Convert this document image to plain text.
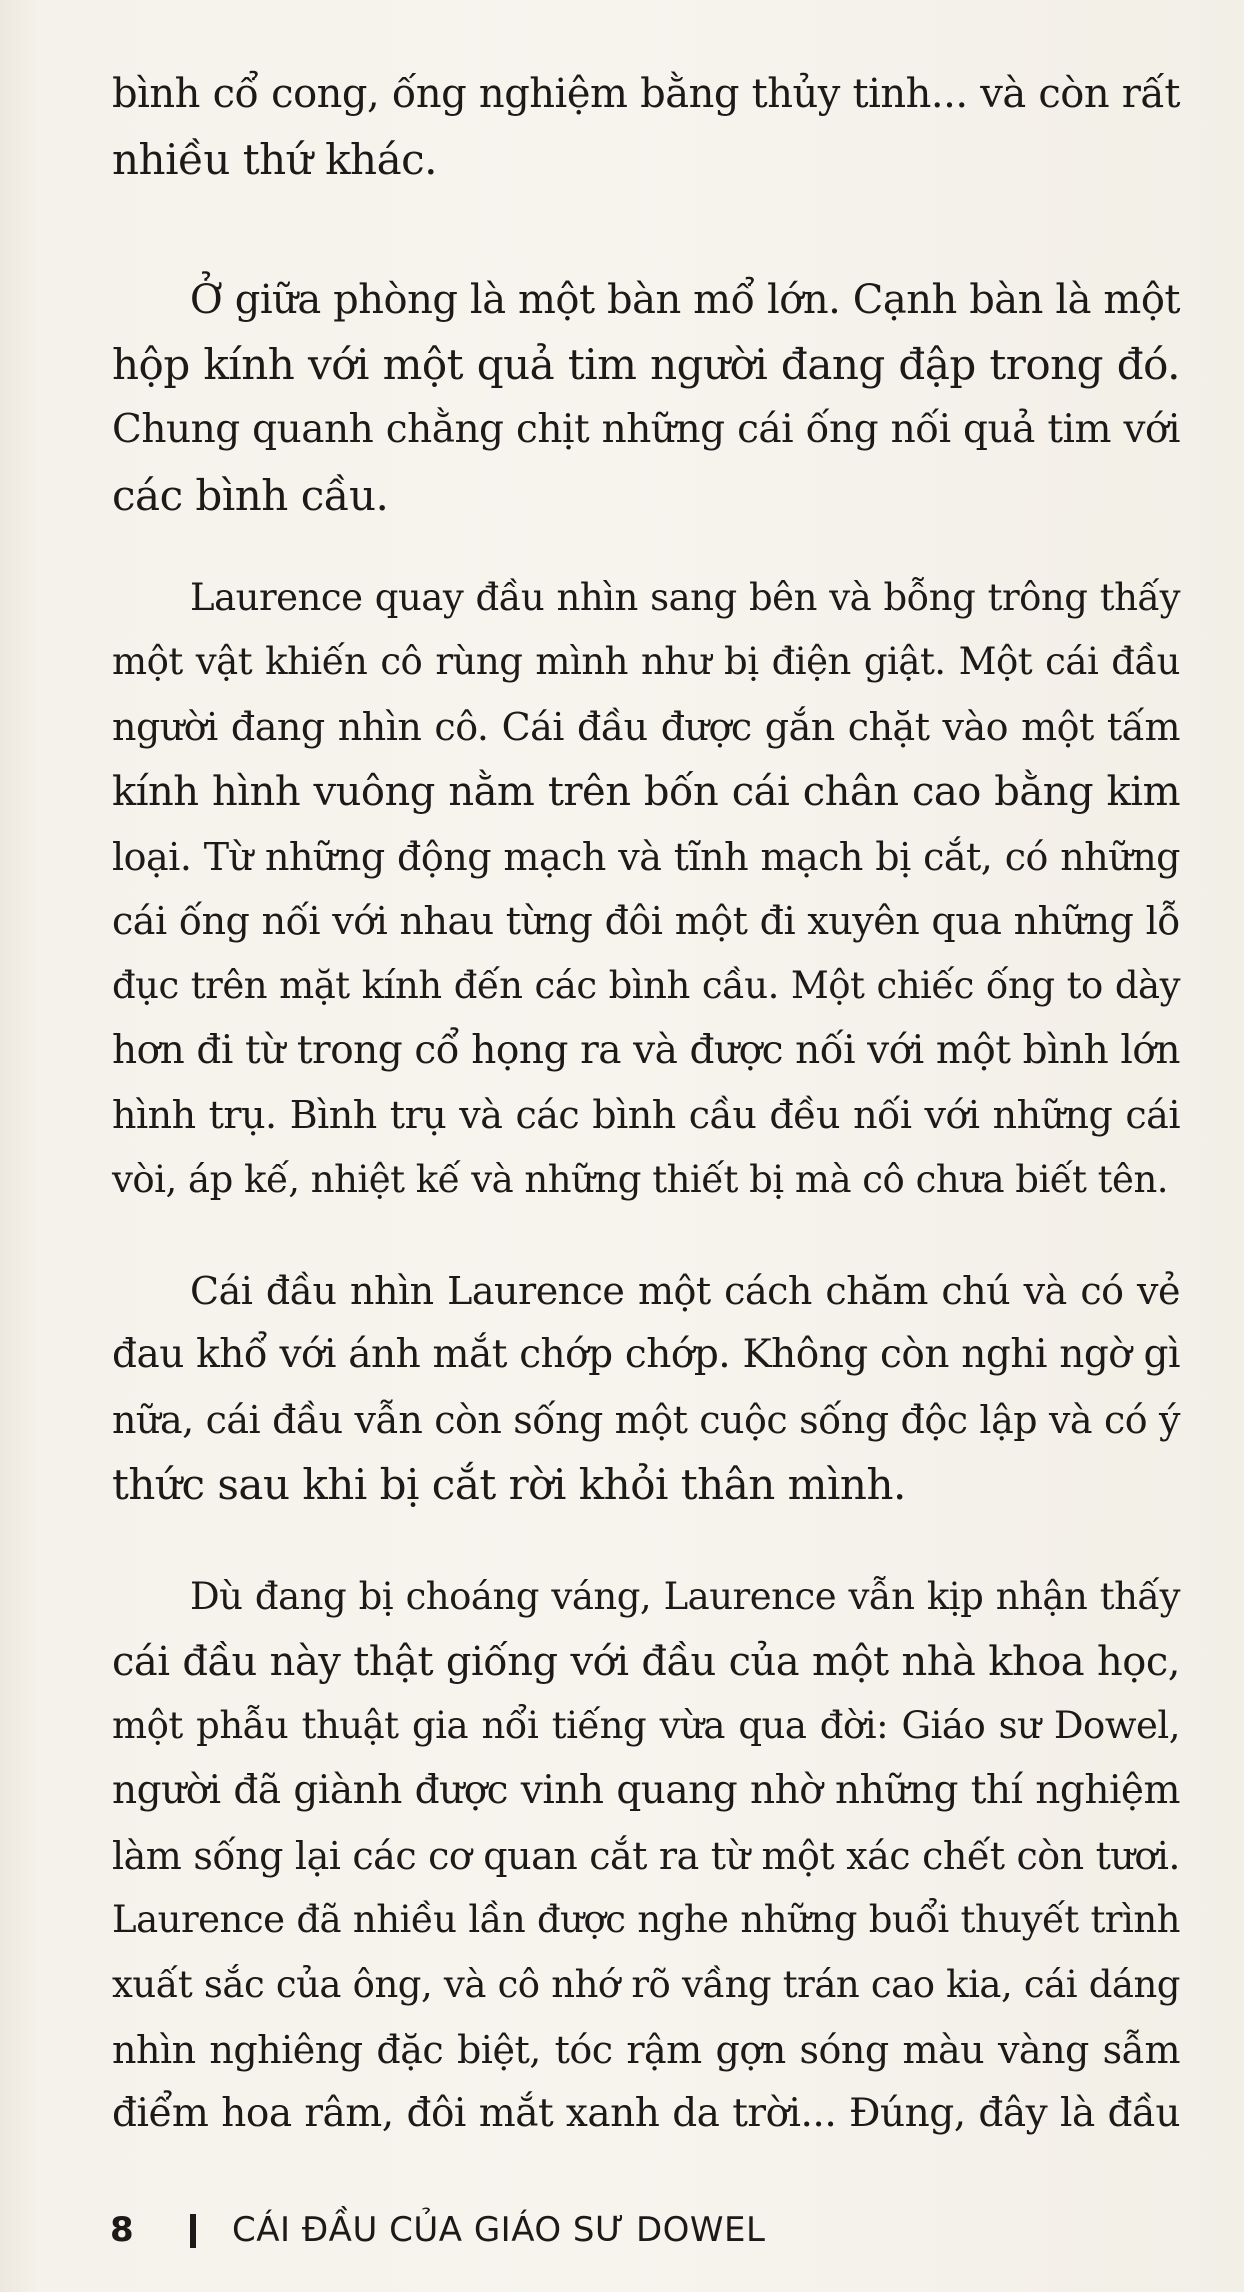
bình cổ cong, ống nghiệm bằng thủy tinh... và còn rất
nhiều thứ khác.
Ở giữa phòng là một bàn mổ lớn. Cạnh bàn là một
hộp kính với một quả tim người đang đập trong đó.
Chung quanh chằng chịt những cái ống nối quả tim với
các bình cầu.
Laurence quay đầu nhìn sang bên và bỗng trông thấy
một vật khiến cô rùng mình như bị điện giật. Một cái đầu
người đang nhìn cô. Cái đầu được gắn chặt vào một tấm
kính hình vuông nằm trên bốn cái chân cao bằng kim
loại. Từ những động mạch và tĩnh mạch bị cắt, có những
cái ống nối với nhau từng đôi một đi xuyên qua những lỗ
đục trên mặt kính đến các bình cầu. Một chiếc ống to dày
hơn đi từ trong cổ họng ra và được nối với một bình lớn
hình trụ. Bình trụ và các bình cầu đều nối với những cái
vòi, áp kế, nhiệt kế và những thiết bị mà cô chưa biết tên.
Cái đầu nhìn Laurence một cách chăm chú và có vẻ
đau khổ với ánh mắt chớp chớp. Không còn nghi ngờ gì
nữa, cái đầu vẫn còn sống một cuộc sống độc lập và có ý
thức sau khi bị cắt rời khỏi thân mình.
Dù đang bị choáng váng, Laurence vẫn kịp nhận thấy
cái đầu này thật giống với đầu của một nhà khoa học,
một phẫu thuật gia nổi tiếng vừa qua đời: Giáo sư Dowel,
người đã giành được vinh quang nhờ những thí nghiệm
làm sống lại các cơ quan cắt ra từ một xác chết còn tươi.
Laurence đã nhiều lần được nghe những buổi thuyết trình
xuất sắc của ông, và cô nhớ rõ vầng trán cao kia, cái dáng
nhìn nghiêng đặc biệt, tóc rậm gợn sóng màu vàng sẫm
điểm hoa râm, đôi mắt xanh da trời... Đúng, đây là đầu
8	CÁI ĐẦU CỦA GIÁO SƯ DOWEL
